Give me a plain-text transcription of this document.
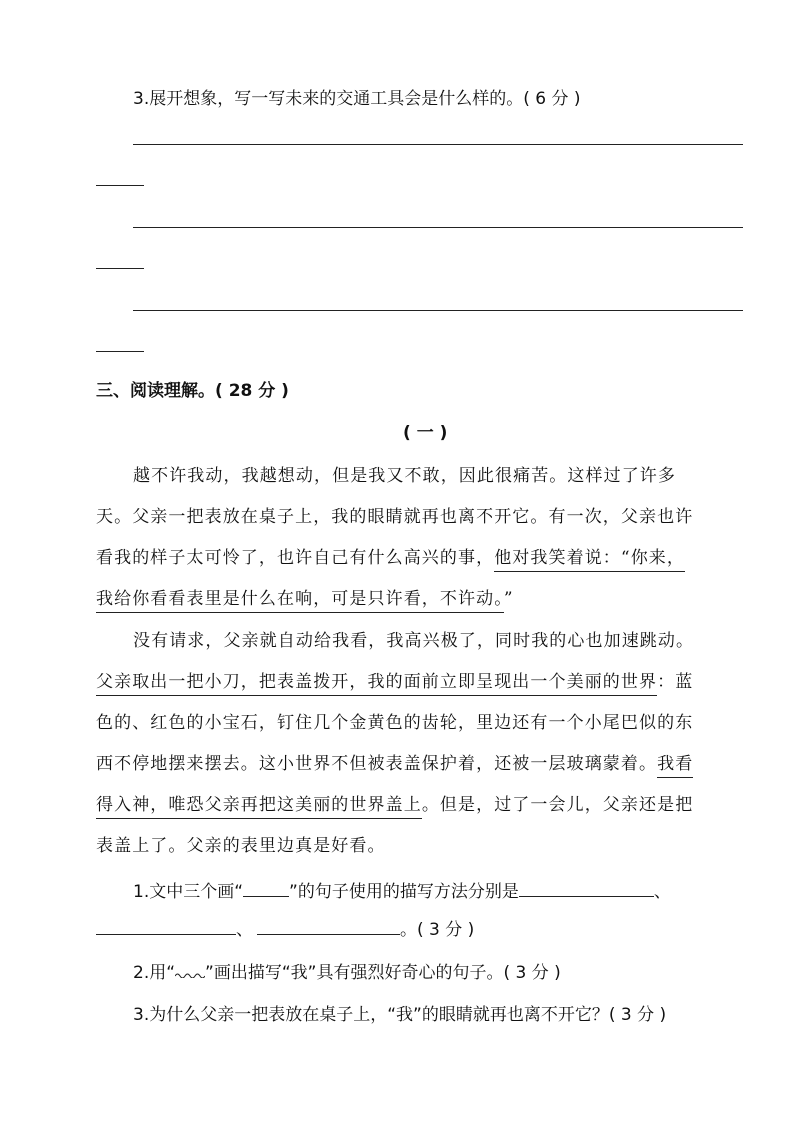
3.展开想象，写一写未来的交通工具会是什么样的。( 6 分 )
三、阅读理解。( 28 分 )
( 一 )
越不许我动，我越想动，但是我又不敢，因此很痛苦。这样过了许多
天。父亲一把表放在桌子上，我的眼睛就再也离不开它。有一次，父亲也许
看我的样子太可怜了，也许自己有什么高兴的事，他对我笑着说：“你来，
我给你看看表里是什么在响，可是只许看，不许动。”
没有请求，父亲就自动给我看，我高兴极了，同时我的心也加速跳动。
父亲取出一把小刀，把表盖拨开，我的面前立即呈现出一个美丽的世界：蓝
色的、红色的小宝石，钉住几个金黄色的齿轮，里边还有一个小尾巴似的东
西不停地摆来摆去。这小世界不但被表盖保护着，还被一层玻璃蒙着。我看
得入神，唯恐父亲再把这美丽的世界盖上。但是，过了一会儿，父亲还是把
表盖上了。父亲的表里边真是好看。
1.文中三个画“	”的句子使用的描写方法分别是	、
、	。( 3 分 )
2.用“ ”画出描写“我”具有强烈好奇心的句子。( 3 分 )
3.为什么父亲一把表放在桌子上，“我”的眼睛就再也离不开它？( 3 分 )
